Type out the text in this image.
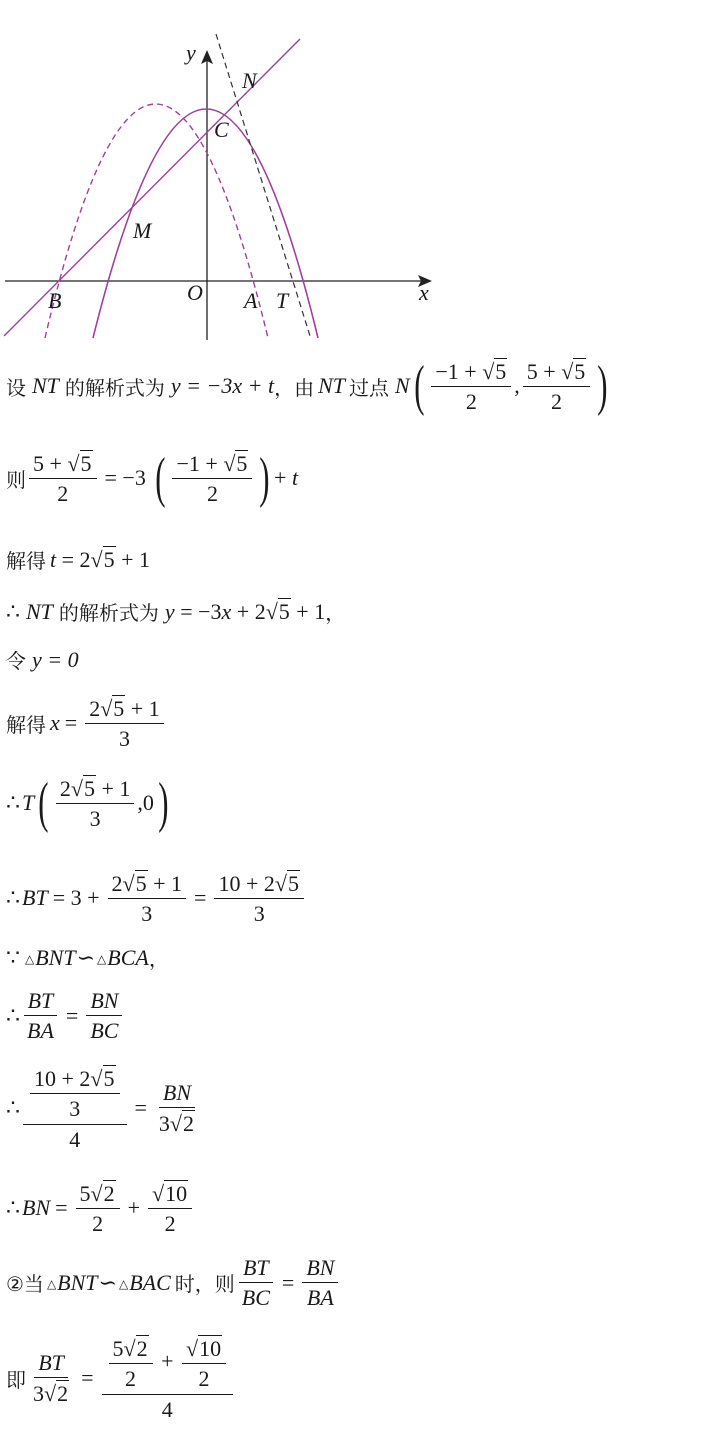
y
x
N
C
M
B	O A T
设 NT 的解析式为 y = −3x + t ，由 NT 过点 N ( $\frac{-1 + √ 5}{2}$ , $\frac{5 + √ 5}{2}$ )
则 $\frac{5 + √ 5}{2} = -3$ ( $\frac{-1 + √ 5}{2}$ ) + t
解得 t = 2√ 5 + 1
∴ NT 的解析式为 y = −3x + 2√ 5 + 1 ，
令 y = 0
解得 $x = \frac{2√ 5 + 1}{3}$
∴ T ( $\frac{2√ 5 + 1}{3} ,0$ )
∴ BT = $3 + \frac{2√ 5 + 1}{3} = \frac{10 + 2√ 5}{3}$
∵ △BNT∽ △BCA ，
∴ $\frac{BT}{BA} = \frac{BN}{BC}$
∴ $\frac{\frac{10 + 2√ 5}{3}}{4} = \frac{BN}{3√ 2}$
∴ BN = $\frac{5√ 2}{2} + \frac{√ 10}{2}$
②当 △BNT∽ △BAC 时，则 $\frac{BT}{BC} = \frac{BN}{BA}$
即 $\frac{BT}{3√ 2} = \frac{\frac{5√ 2}{2} + \frac{√ 10}{2}}{4}$
